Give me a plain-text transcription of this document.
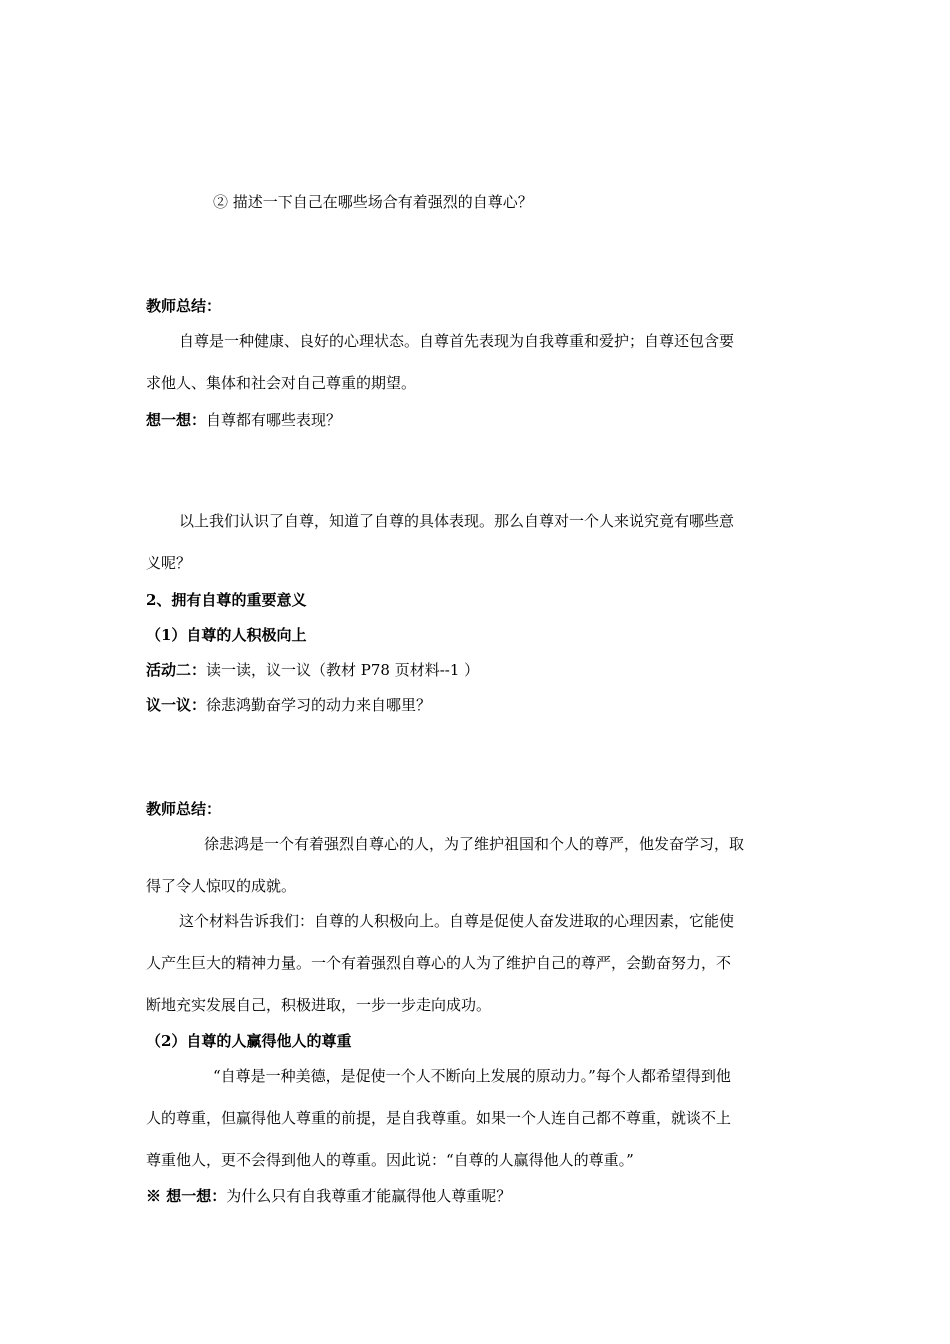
② 描述一下自己在哪些场合有着强烈的自尊心？
教师总结：
自尊是一种健康、良好的心理状态。自尊首先表现为自我尊重和爱护；自尊还包含要
求他人、集体和社会对自己尊重的期望。
想一想：自尊都有哪些表现？
以上我们认识了自尊，知道了自尊的具体表现。那么自尊对一个人来说究竟有哪些意
义呢？
2、拥有自尊的重要意义
（1）自尊的人积极向上
活动二：读一读，议一议（教材 P78 页材料--1 ）
议一议：徐悲鸿勤奋学习的动力来自哪里？
教师总结：
徐悲鸿是一个有着强烈自尊心的人，为了维护祖国和个人的尊严，他发奋学习，取
得了令人惊叹的成就。
这个材料告诉我们：自尊的人积极向上。自尊是促使人奋发进取的心理因素，它能使
人产生巨大的精神力量。一个有着强烈自尊心的人为了维护自己的尊严，会勤奋努力，不
断地充实发展自己，积极进取，一步一步走向成功。
（2）自尊的人赢得他人的尊重
“自尊是一种美德，是促使一个人不断向上发展的原动力。”每个人都希望得到他
人的尊重，但赢得他人尊重的前提，是自我尊重。如果一个人连自己都不尊重，就谈不上
尊重他人，更不会得到他人的尊重。因此说：“自尊的人赢得他人的尊重。”
※ 想一想：为什么只有自我尊重才能赢得他人尊重呢？
